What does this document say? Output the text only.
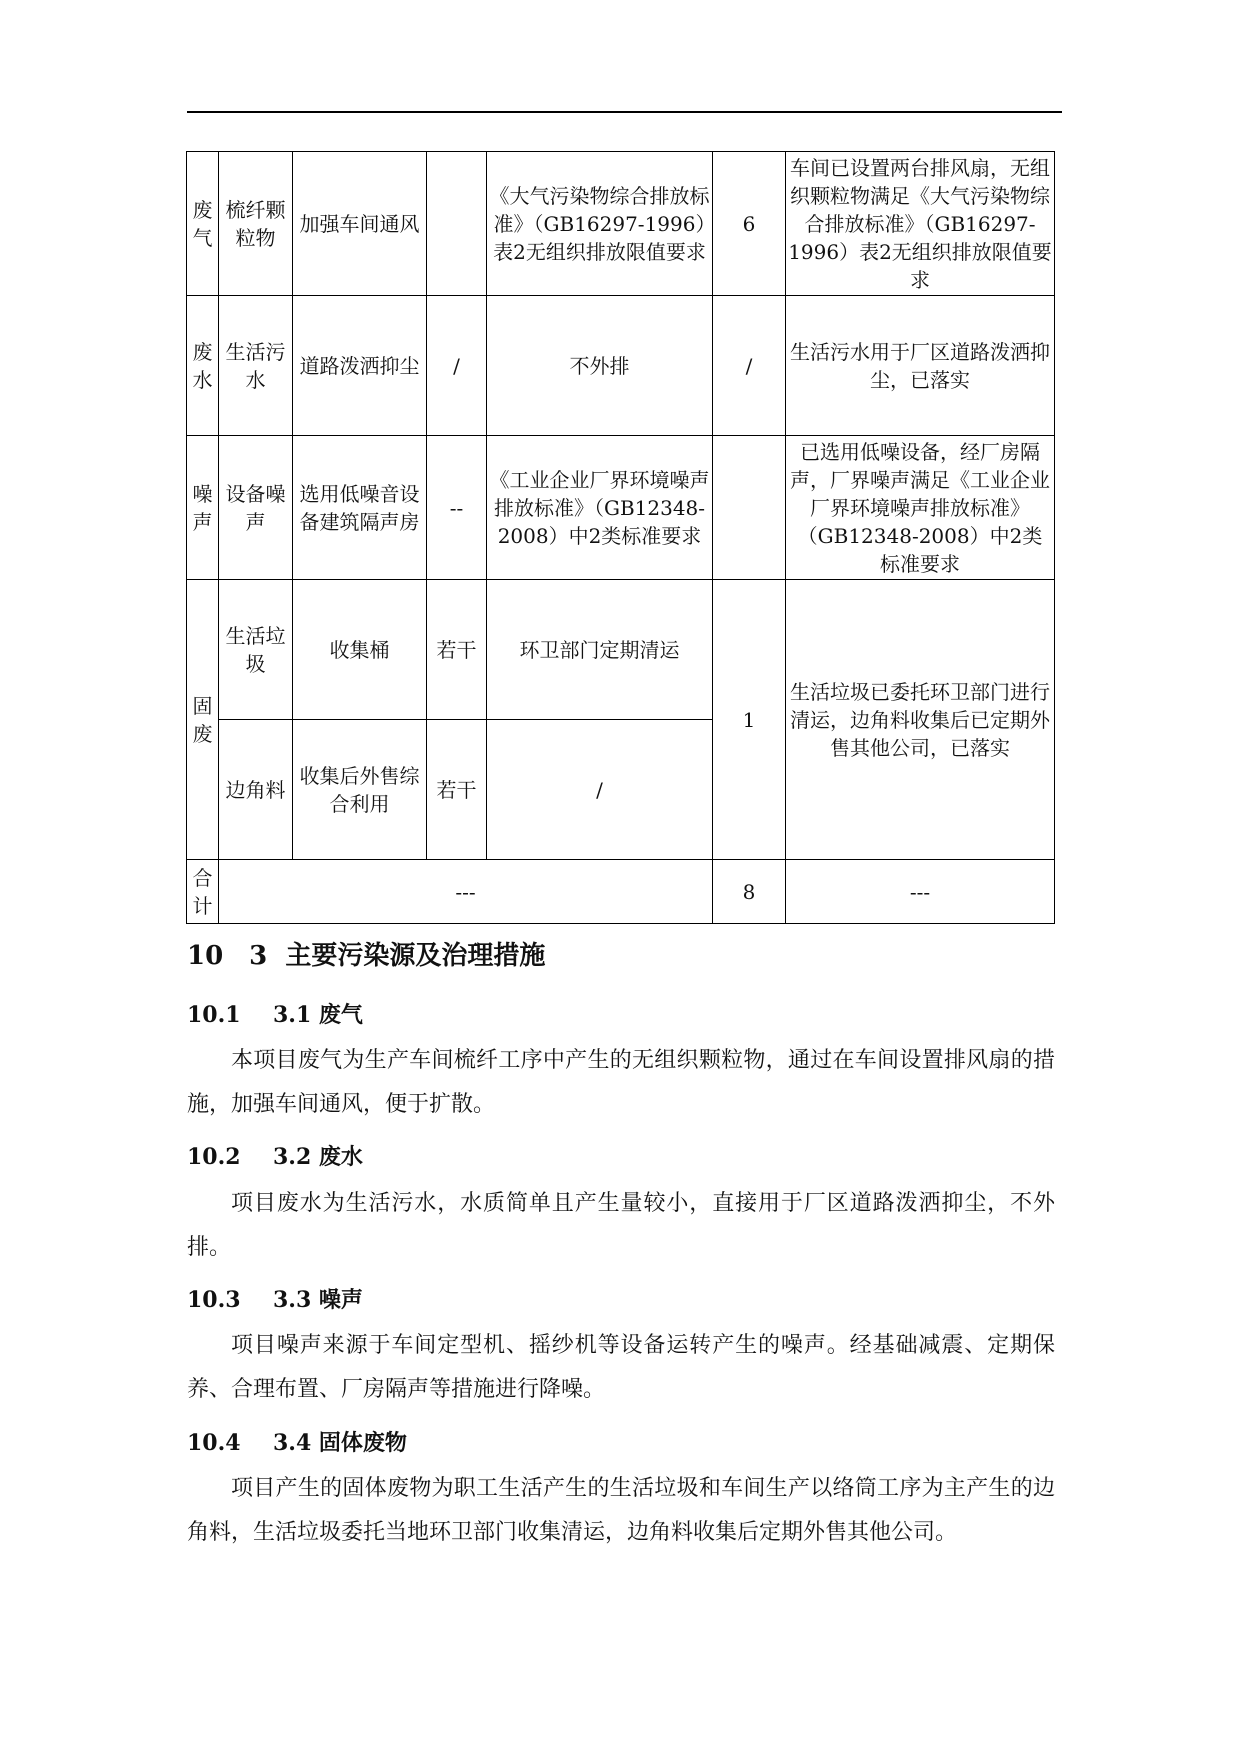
废气	梳纤颗粒物	加强车间通风		《大气污染物综合排放标准》（GB16297-1996）表2无组织排放限值要求	6	车间已设置两台排风扇，无组织颗粒物满足《大气污染物综合排放标准》（GB16297-1996）表2无组织排放限值要求
废水	生活污水	道路泼洒抑尘	/	不外排	/	生活污水用于厂区道路泼洒抑尘，已落实
噪声	设备噪声	选用低噪音设备建筑隔声房	--	《工业企业厂界环境噪声排放标准》（GB12348-2008）中2类标准要求		已选用低噪设备，经厂房隔声，厂界噪声满足《工业企业厂界环境噪声排放标准》（GB12348-2008）中2类标准要求
固废	生活垃圾	收集桶	若干	环卫部门定期清运	1	生活垃圾已委托环卫部门进行清运，边角料收集后已定期外售其他公司，已落实
	边角料	收集后外售综合利用	若干	/		
合计	---				8	---
10　3 主要污染源及治理措施
10.1 3.1 废气

本项目废气为生产车间梳纤工序中产生的无组织颗粒物，通过在车间设置排风扇的措施，加强车间通风，便于扩散。

10.2 3.2 废水

项目废水为生活污水，水质简单且产生量较小，直接用于厂区道路泼洒抑尘，不外排。

10.3 3.3 噪声

项目噪声来源于车间定型机、摇纱机等设备运转产生的噪声。经基础减震、定期保养、合理布置、厂房隔声等措施进行降噪。

10.4 3.4 固体废物

项目产生的固体废物为职工生活产生的生活垃圾和车间生产以络筒工序为主产生的边角料，生活垃圾委托当地环卫部门收集清运，边角料收集后定期外售其他公司。
